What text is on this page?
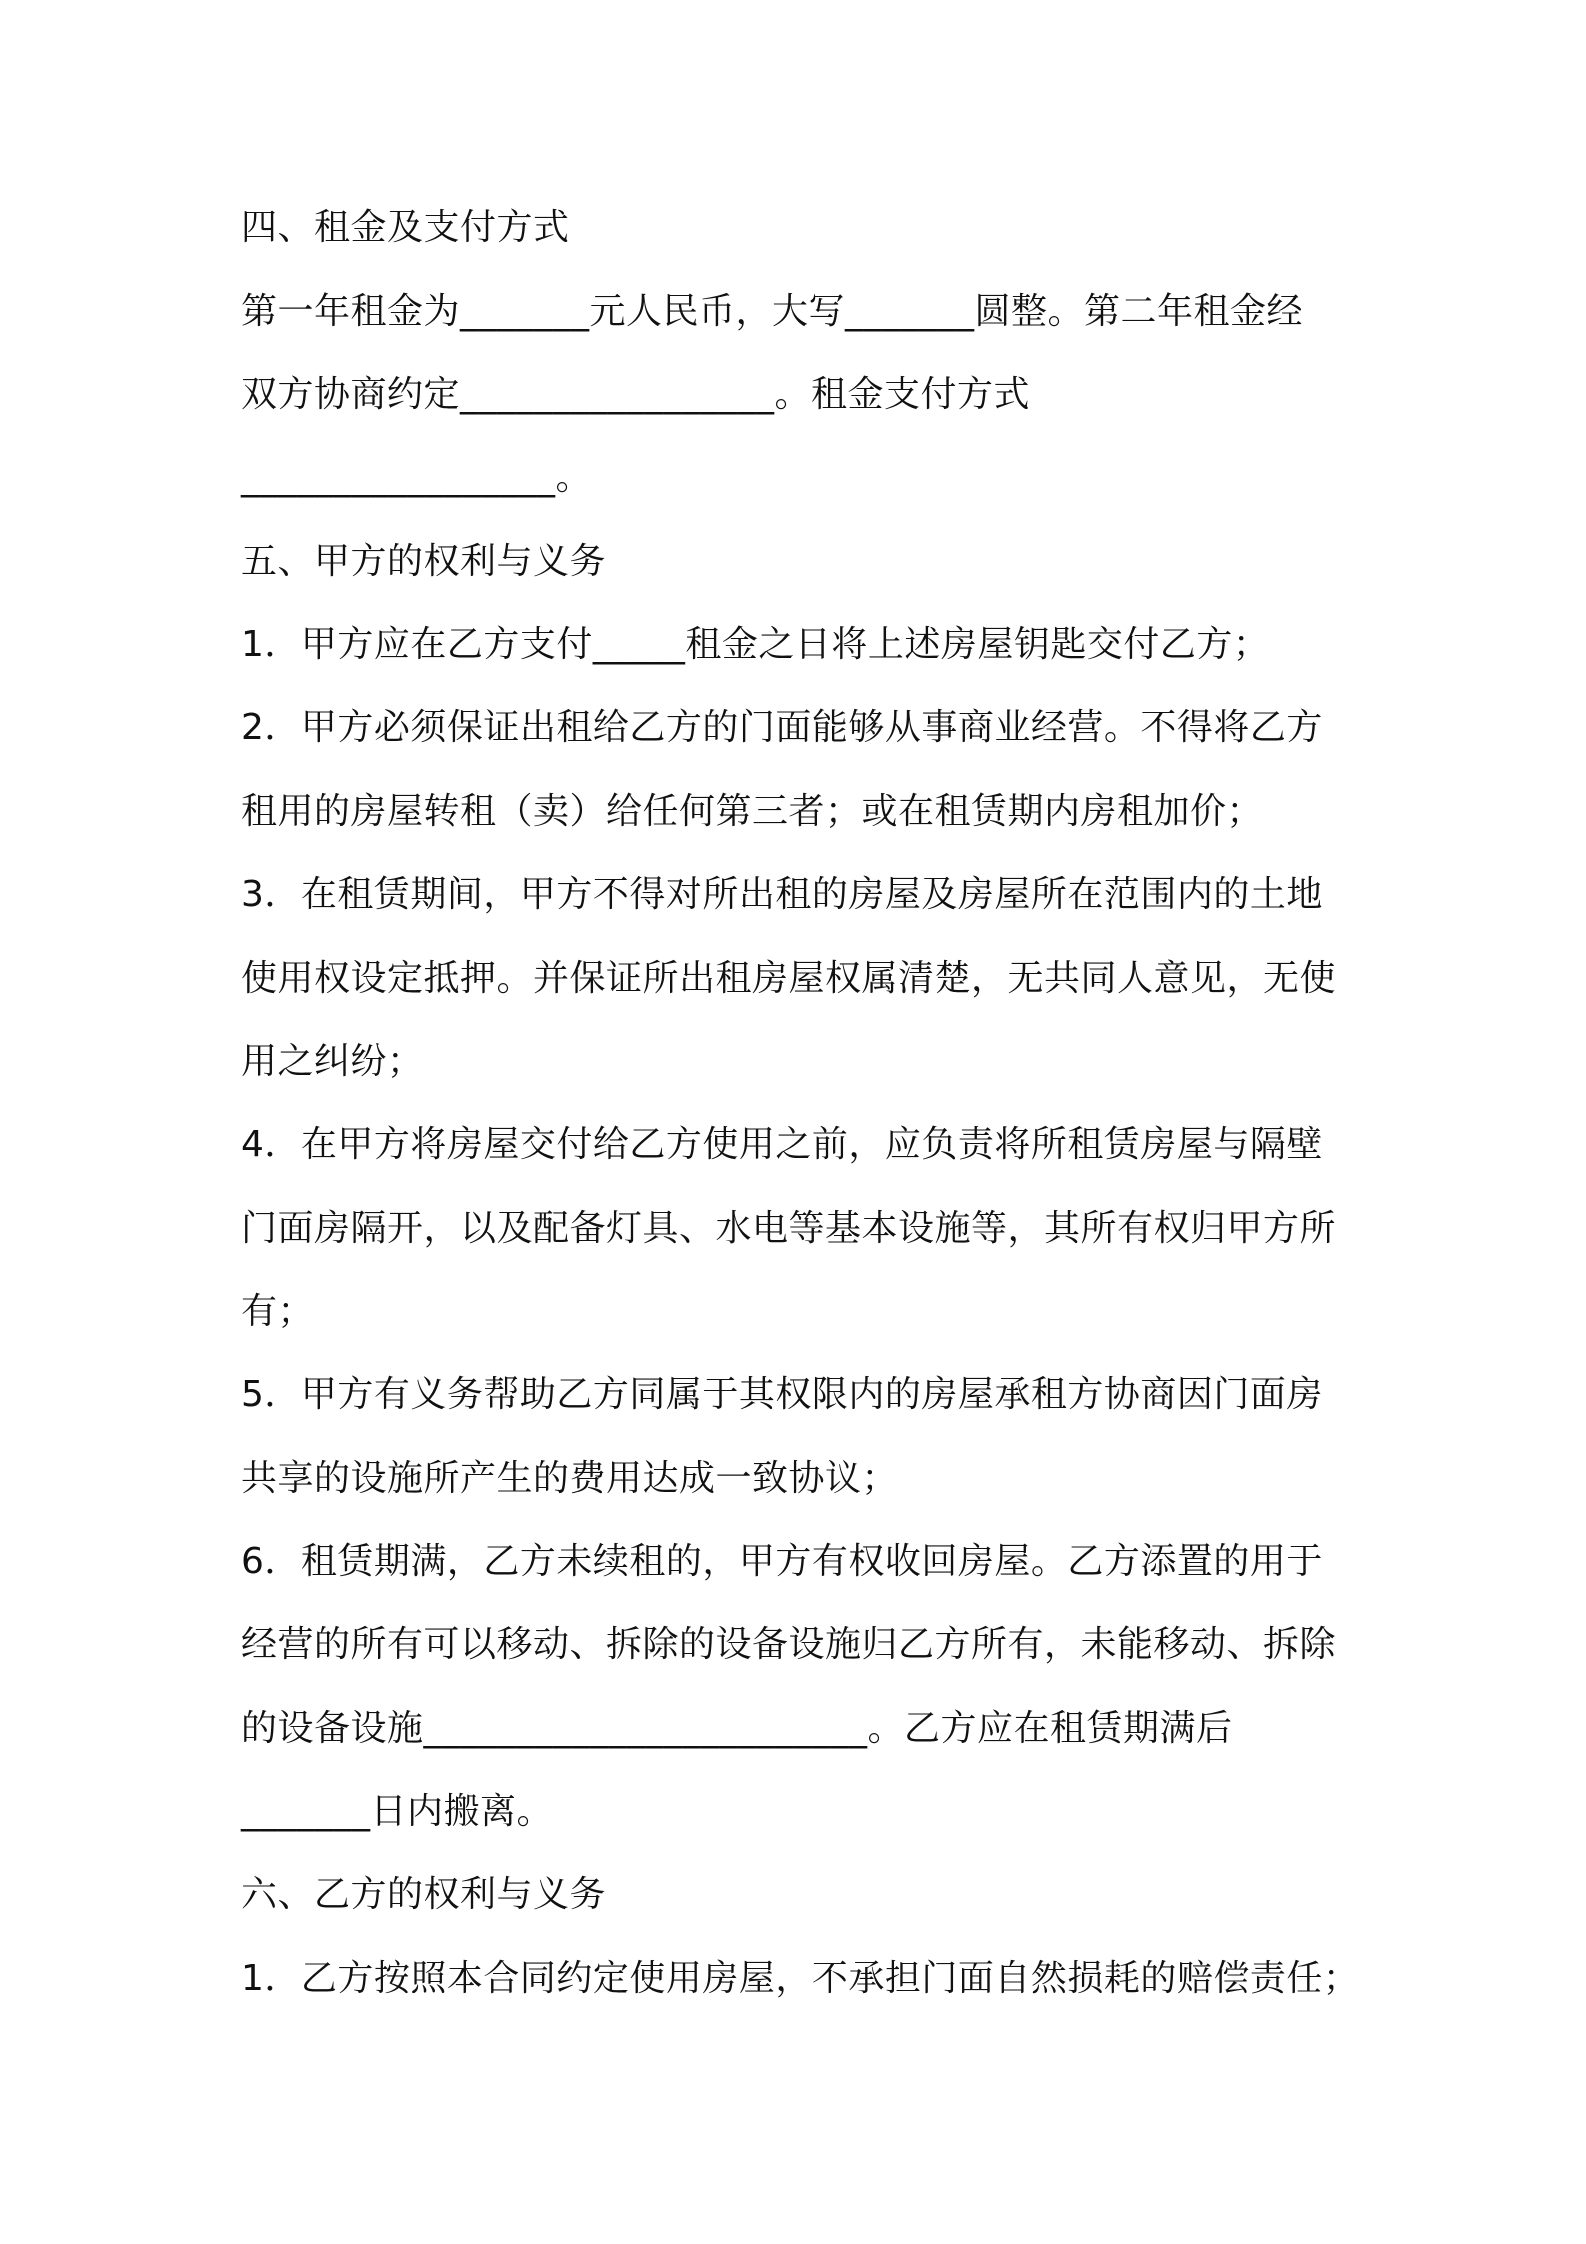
四、租金及支付方式
第一年租金为_______元人民币，大写_______圆整。第二年租金经
双方协商约定_________________。租金支付方式
_________________。
五、甲方的权利与义务
1．甲方应在乙方支付_____租金之日将上述房屋钥匙交付乙方；
2．甲方必须保证出租给乙方的门面能够从事商业经营。不得将乙方
租用的房屋转租（卖）给任何第三者；或在租赁期内房租加价；
3．在租赁期间，甲方不得对所出租的房屋及房屋所在范围内的土地
使用权设定抵押。并保证所出租房屋权属清楚，无共同人意见，无使
用之纠纷；
4．在甲方将房屋交付给乙方使用之前，应负责将所租赁房屋与隔壁
门面房隔开，以及配备灯具、水电等基本设施等，其所有权归甲方所
有；
5．甲方有义务帮助乙方同属于其权限内的房屋承租方协商因门面房
共享的设施所产生的费用达成一致协议；
6．租赁期满，乙方未续租的，甲方有权收回房屋。乙方添置的用于
经营的所有可以移动、拆除的设备设施归乙方所有，未能移动、拆除
的设备设施________________________。乙方应在租赁期满后
_______日内搬离。
六、乙方的权利与义务
1．乙方按照本合同约定使用房屋，不承担门面自然损耗的赔偿责任；
